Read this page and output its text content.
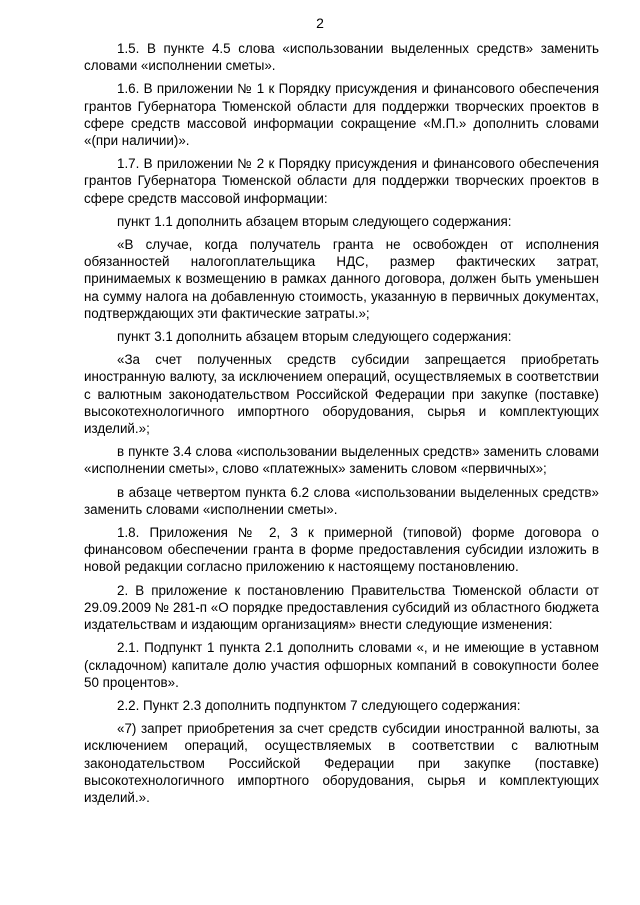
2

1.5. В пункте 4.5 слова «использовании выделенных средств» заменить словами «исполнении сметы».

1.6. В приложении № 1 к Порядку присуждения и финансового обеспечения грантов Губернатора Тюменской области для поддержки творческих проектов в сфере средств массовой информации сокращение «М.П.» дополнить словами «(при наличии)».

1.7. В приложении № 2 к Порядку присуждения и финансового обеспечения грантов Губернатора Тюменской области для поддержки творческих проектов в сфере средств массовой информации:

пункт 1.1 дополнить абзацем вторым следующего содержания:

«В случае, когда получатель гранта не освобожден от исполнения обязанностей налогоплательщика НДС, размер фактических затрат, принимаемых к возмещению в рамках данного договора, должен быть уменьшен на сумму налога на добавленную стоимость, указанную в первичных документах, подтверждающих эти фактические затраты.»;

пункт 3.1 дополнить абзацем вторым следующего содержания:

«За счет полученных средств субсидии запрещается приобретать иностранную валюту, за исключением операций, осуществляемых в соответствии с валютным законодательством Российской Федерации при закупке (поставке) высокотехнологичного импортного оборудования, сырья и комплектующих изделий.»;

в пункте 3.4 слова «использовании выделенных средств» заменить словами «исполнении сметы», слово «платежных» заменить словом «первичных»;

в абзаце четвертом пункта 6.2 слова «использовании выделенных средств» заменить словами «исполнении сметы».

1.8. Приложения № 2, 3 к примерной (типовой) форме договора о финансовом обеспечении гранта в форме предоставления субсидии изложить в новой редакции согласно приложению к настоящему постановлению.

2. В приложение к постановлению Правительства Тюменской области от 29.09.2009 № 281-п «О порядке предоставления субсидий из областного бюджета издательствам и издающим организациям» внести следующие изменения:

2.1. Подпункт 1 пункта 2.1 дополнить словами «, и не имеющие в уставном (складочном) капитале долю участия офшорных компаний в совокупности более 50 процентов».

2.2. Пункт 2.3 дополнить подпунктом 7 следующего содержания:

«7) запрет приобретения за счет средств субсидии иностранной валюты, за исключением операций, осуществляемых в соответствии с валютным законодательством Российской Федерации при закупке (поставке) высокотехнологичного импортного оборудования, сырья и комплектующих изделий.».
